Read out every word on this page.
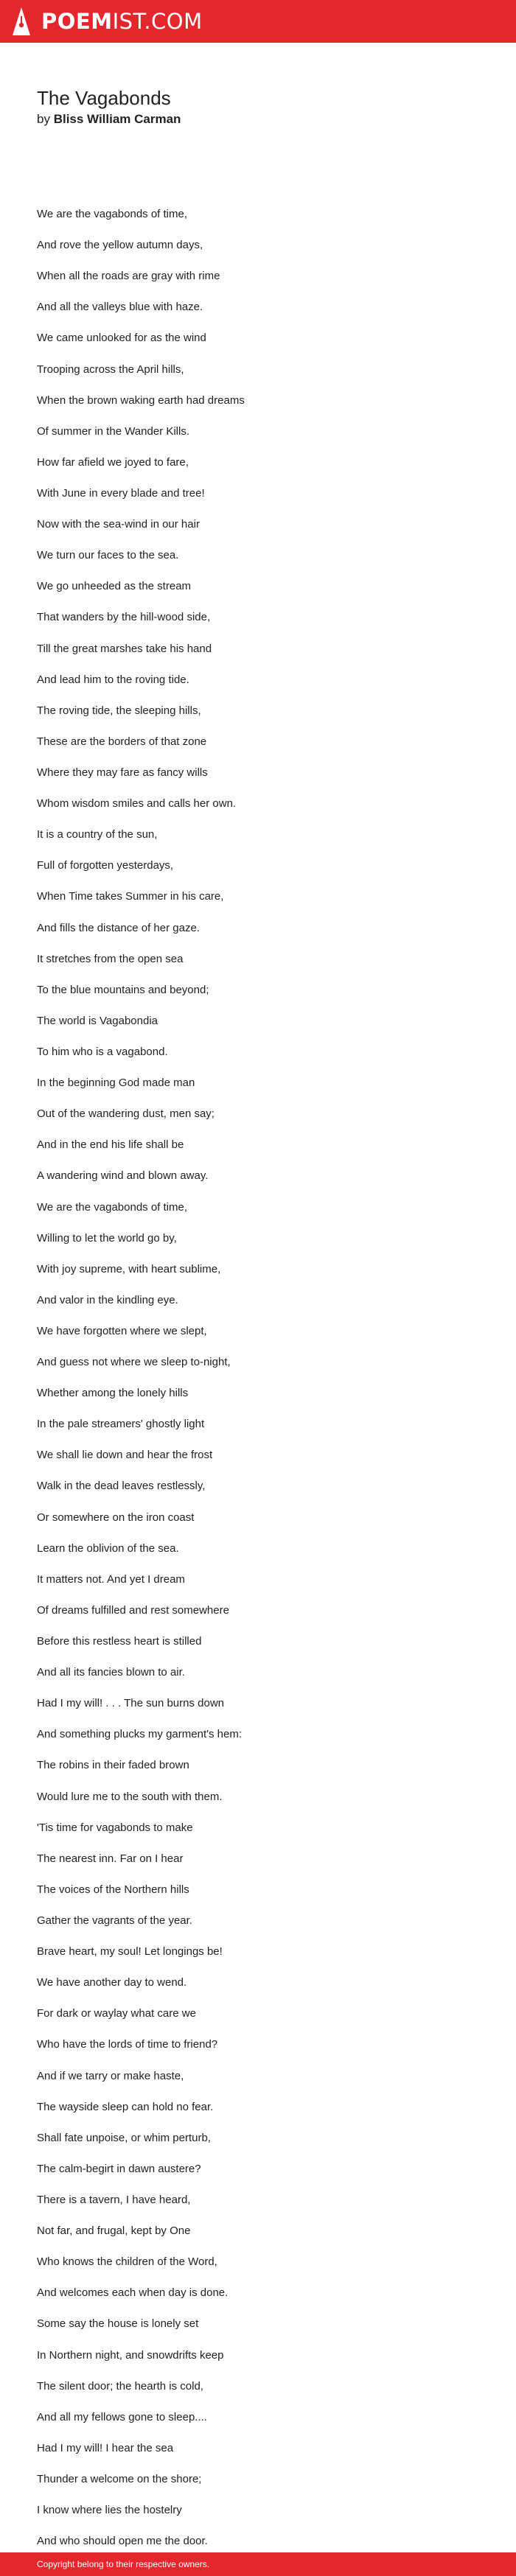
POEMIST.COM
The Vagabonds
by Bliss William Carman
We are the vagabonds of time,
And rove the yellow autumn days,
When all the roads are gray with rime
And all the valleys blue with haze.
We came unlooked for as the wind
Trooping across the April hills,
When the brown waking earth had dreams
Of summer in the Wander Kills.
How far afield we joyed to fare,
With June in every blade and tree!
Now with the sea-wind in our hair
We turn our faces to the sea.
We go unheeded as the stream
That wanders by the hill-wood side,
Till the great marshes take his hand
And lead him to the roving tide.
The roving tide, the sleeping hills,
These are the borders of that zone
Where they may fare as fancy wills
Whom wisdom smiles and calls her own.
It is a country of the sun,
Full of forgotten yesterdays,
When Time takes Summer in his care,
And fills the distance of her gaze.
It stretches from the open sea
To the blue mountains and beyond;
The world is Vagabondia
To him who is a vagabond.
In the beginning God made man
Out of the wandering dust, men say;
And in the end his life shall be
A wandering wind and blown away.
We are the vagabonds of time,
Willing to let the world go by,
With joy supreme, with heart sublime,
And valor in the kindling eye.
We have forgotten where we slept,
And guess not where we sleep to-night,
Whether among the lonely hills
In the pale streamers' ghostly light
We shall lie down and hear the frost
Walk in the dead leaves restlessly,
Or somewhere on the iron coast
Learn the oblivion of the sea.
It matters not. And yet I dream
Of dreams fulfilled and rest somewhere
Before this restless heart is stilled
And all its fancies blown to air.
Had I my will! . . . The sun burns down
And something plucks my garment's hem:
The robins in their faded brown
Would lure me to the south with them.
'Tis time for vagabonds to make
The nearest inn. Far on I hear
The voices of the Northern hills
Gather the vagrants of the year.
Brave heart, my soul! Let longings be!
We have another day to wend.
For dark or waylay what care we
Who have the lords of time to friend?
And if we tarry or make haste,
The wayside sleep can hold no fear.
Shall fate unpoise, or whim perturb,
The calm-begirt in dawn austere?
There is a tavern, I have heard,
Not far, and frugal, kept by One
Who knows the children of the Word,
And welcomes each when day is done.
Some say the house is lonely set
In Northern night, and snowdrifts keep
The silent door; the hearth is cold,
And all my fellows gone to sleep....
Had I my will! I hear the sea
Thunder a welcome on the shore;
I know where lies the hostelry
And who should open me the door.
Copyright belong to their respective owners.
